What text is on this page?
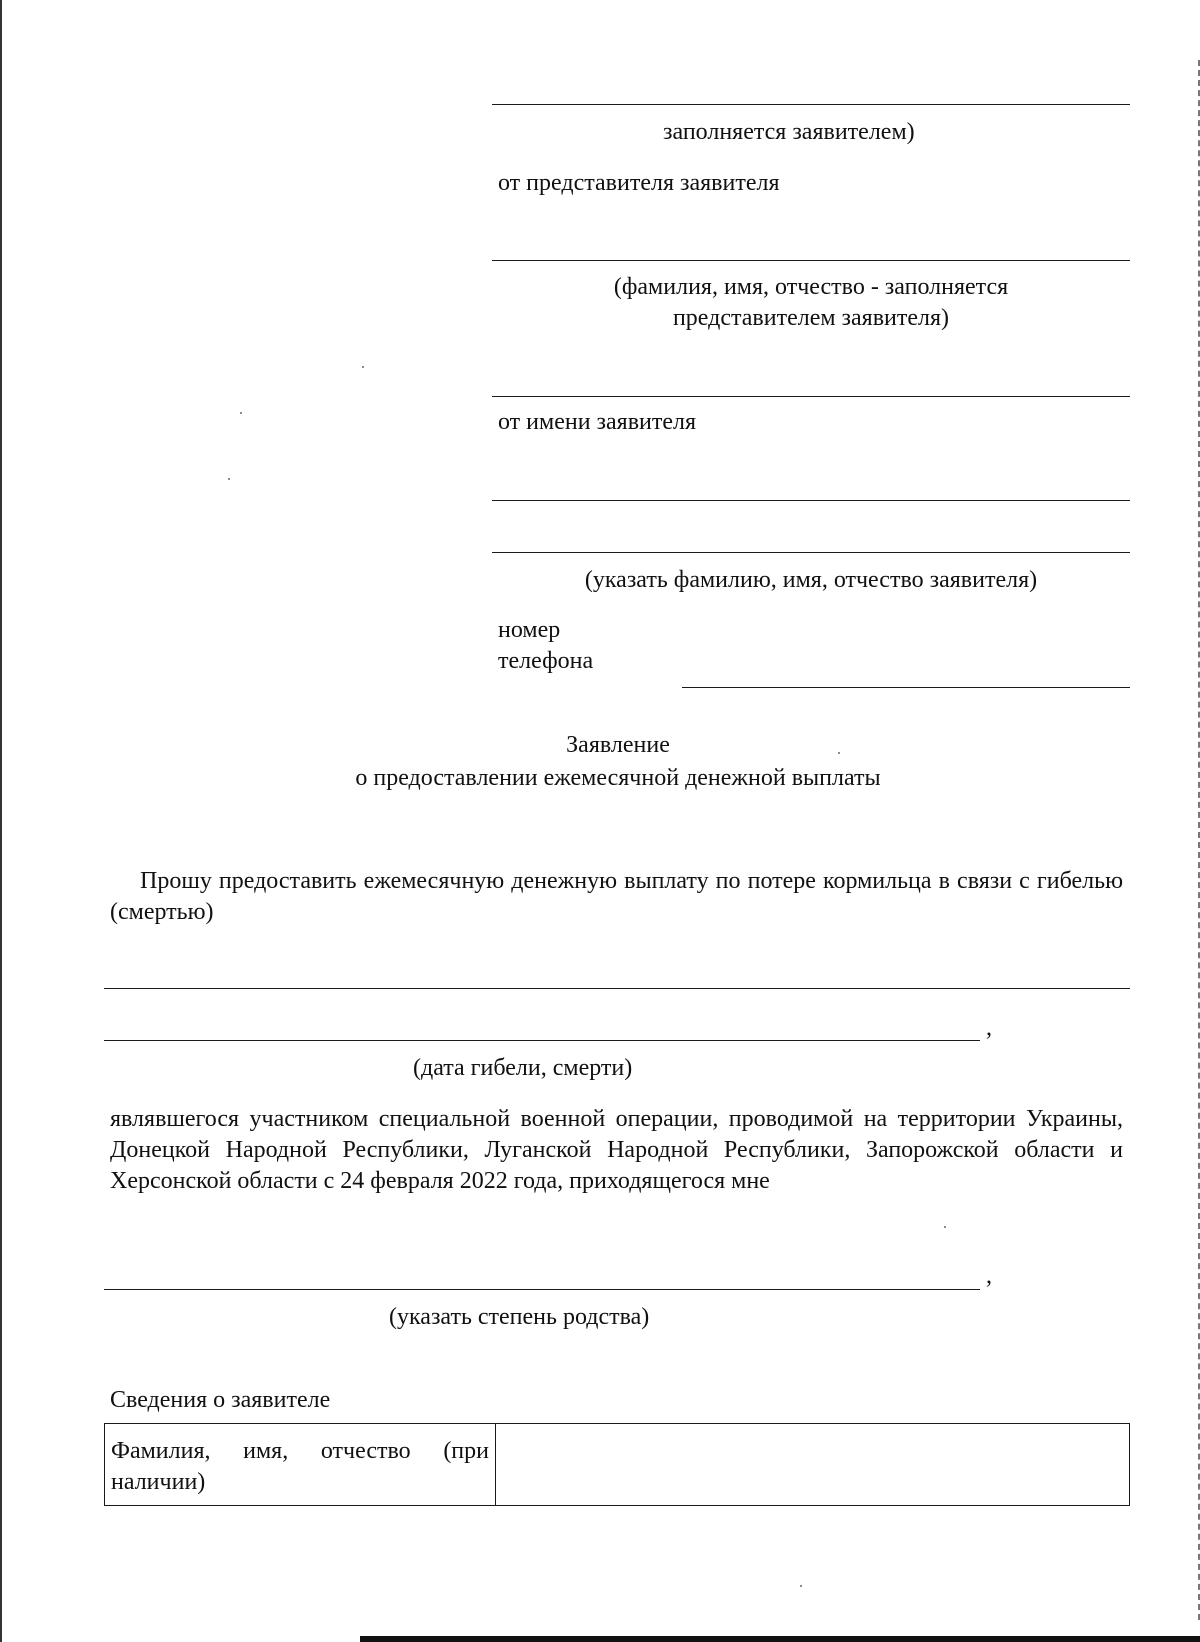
заполняется заявителем)
от представителя заявителя
(фамилия, имя, отчество - заполняется
представителем заявителя)
от имени заявителя
(указать фамилию, имя, отчество заявителя)
номер
телефона
Заявление
о предоставлении ежемесячной денежной выплаты
Прошу предоставить ежемесячную денежную выплату по потере кормильца в связи с гибелью (смертью)
,
(дата гибели, смерти)
являвшегося участником специальной военной операции, проводимой на территории Украины, Донецкой Народной Республики, Луганской Народной Республики, Запорожской области и Херсонской области с 24 февраля 2022 года, приходящегося мне
,
(указать степень родства)
Сведения о заявителе
Фамилия, имя, отчество (при наличии)	
